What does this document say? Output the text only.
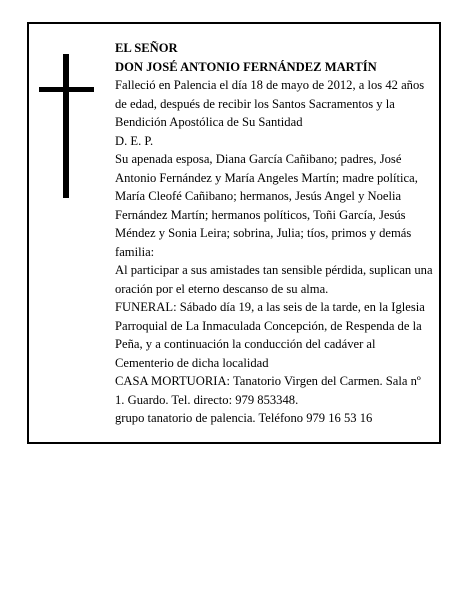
EL SEÑOR

DON JOSÉ ANTONIO FERNÁNDEZ MARTÍN

Falleció en Palencia el día 18 de mayo de 2012, a los 42 años de edad, después de recibir los Santos Sacramentos y la Bendición Apostólica de Su Santidad

D. E. P.

Su apenada esposa, Diana García Cañibano; padres, José Antonio Fernández y María Angeles Martín; madre política, María Cleofé Cañibano; hermanos, Jesús Angel y Noelia Fernández Martín; hermanos políticos, Toñi García, Jesús Méndez y Sonia Leira; sobrina, Julia; tíos, primos y demás familia:

Al participar a sus amistades tan sensible pérdida, suplican una oración por el eterno descanso de su alma.

FUNERAL: Sábado día 19, a las seis de la tarde, en la Iglesia Parroquial de La Inmaculada Concepción, de Respenda de la Peña, y a continuación la conducción del cadáver al Cementerio de dicha localidad

CASA MORTUORIA: Tanatorio Virgen del Carmen. Sala nº 1. Guardo. Tel. directo: 979 853348.

grupo tanatorio de palencia. Teléfono 979 16 53 16
